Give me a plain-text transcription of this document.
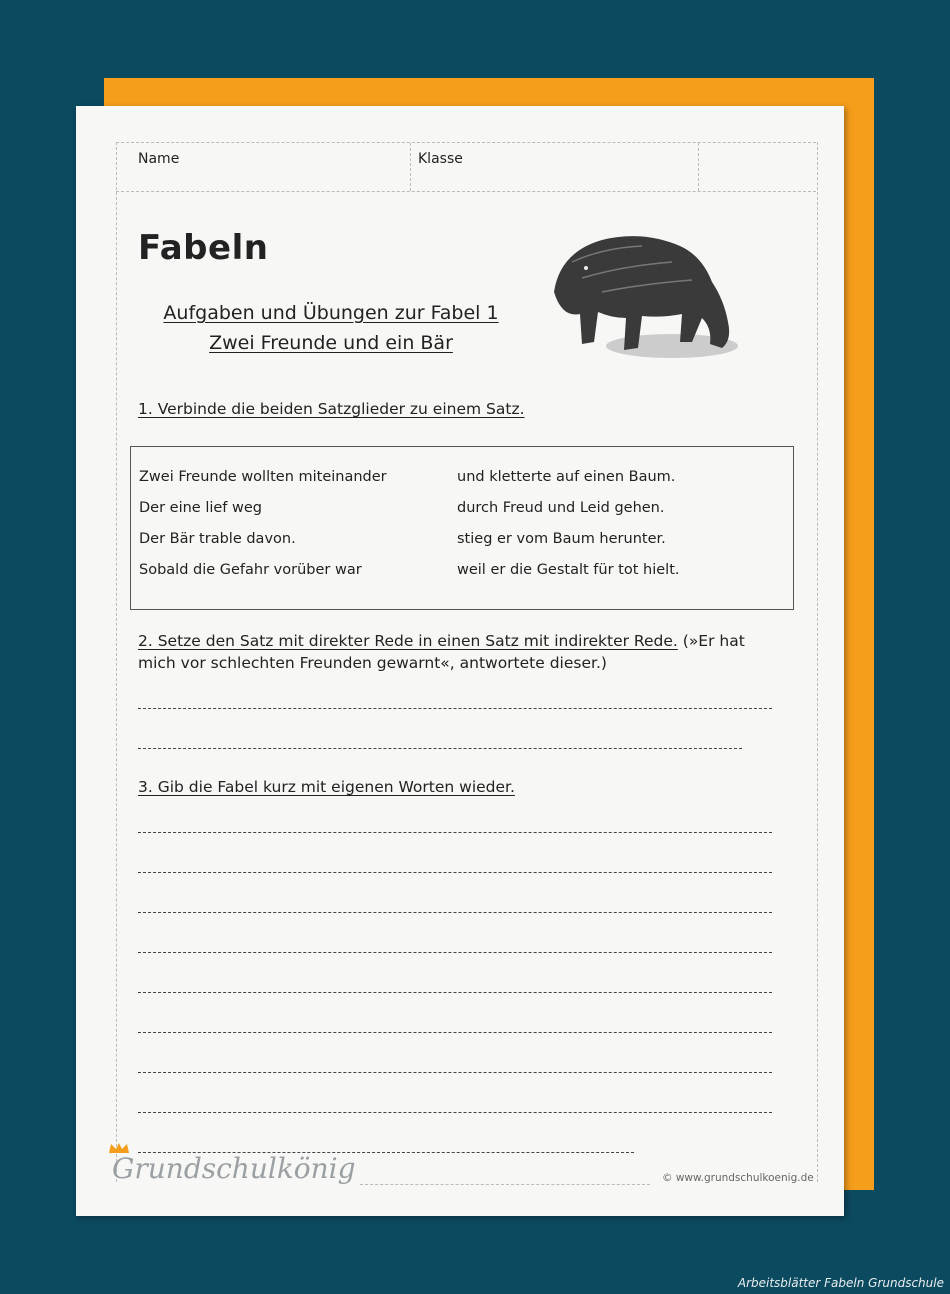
Name	Klasse
Fabeln
Aufgaben und Übungen zur Fabel 1
Zwei Freunde und ein Bär
1. Verbinde die beiden Satzglieder zu einem Satz.
Zwei Freunde wollten miteinander
Der eine lief weg
Der Bär trable davon.
Sobald die Gefahr vorüber war
und kletterte auf einen Baum.
durch Freud und Leid gehen.
stieg er vom Baum herunter.
weil er die Gestalt für tot hielt.
2. Setze den Satz mit direkter Rede in einen Satz mit indirekter Rede. (»Er hat
mich vor schlechten Freunden gewarnt«, antwortete dieser.)
3. Gib die Fabel kurz mit eigenen Worten wieder.
Grundschulkönig	© www.grundschulkoenig.de
Arbeitsblätter Fabeln Grundschule
